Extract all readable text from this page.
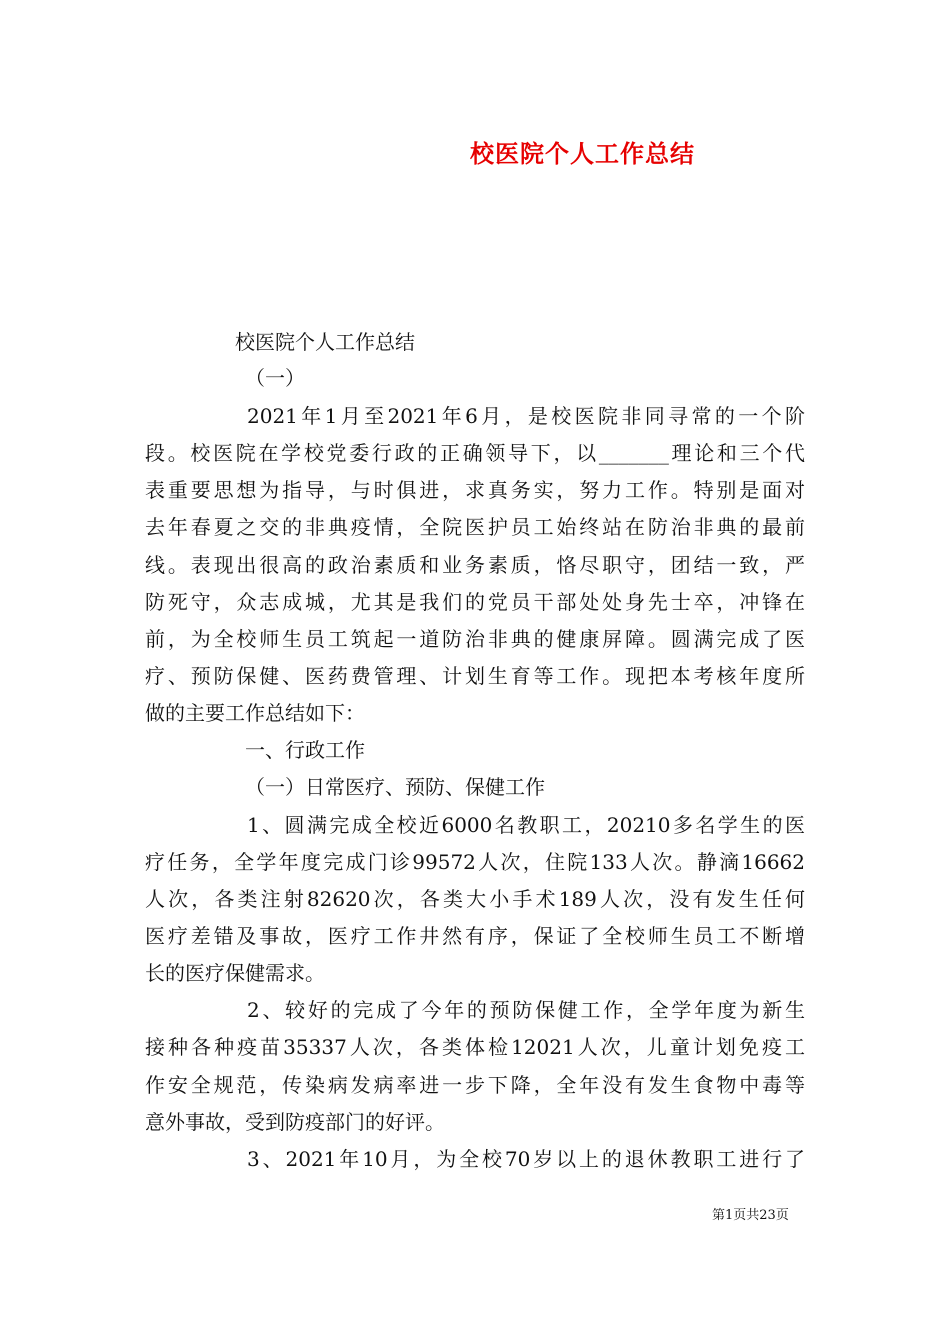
校医院个人工作总结
校医院个人工作总结
（一）
2021年1月至2021年6月，是校医院非同寻常的一个阶
段。校医院在学校党委行政的正确领导下，以_______理论和三个代
表重要思想为指导，与时俱进，求真务实，努力工作。特别是面对
去年春夏之交的非典疫情，全院医护员工始终站在防治非典的最前
线。表现出很高的政治素质和业务素质，恪尽职守，团结一致，严
防死守，众志成城，尤其是我们的党员干部处处身先士卒，冲锋在
前，为全校师生员工筑起一道防治非典的健康屏障。圆满完成了医
疗、预防保健、医药费管理、计划生育等工作。现把本考核年度所
做的主要工作总结如下：
一、行政工作
（一）日常医疗、预防、保健工作
1、圆满完成全校近6000名教职工，20210多名学生的医
疗任务，全学年度完成门诊99572人次，住院133人次。静滴16662
人次，各类注射82620次，各类大小手术189人次，没有发生任何
医疗差错及事故，医疗工作井然有序，保证了全校师生员工不断增
长的医疗保健需求。
2、较好的完成了今年的预防保健工作，全学年度为新生
接种各种疫苗35337人次，各类体检12021人次，儿童计划免疫工
作安全规范，传染病发病率进一步下降，全年没有发生食物中毒等
意外事故，受到防疫部门的好评。
3、2021年10月，为全校70岁以上的退休教职工进行了
第1页共23页
